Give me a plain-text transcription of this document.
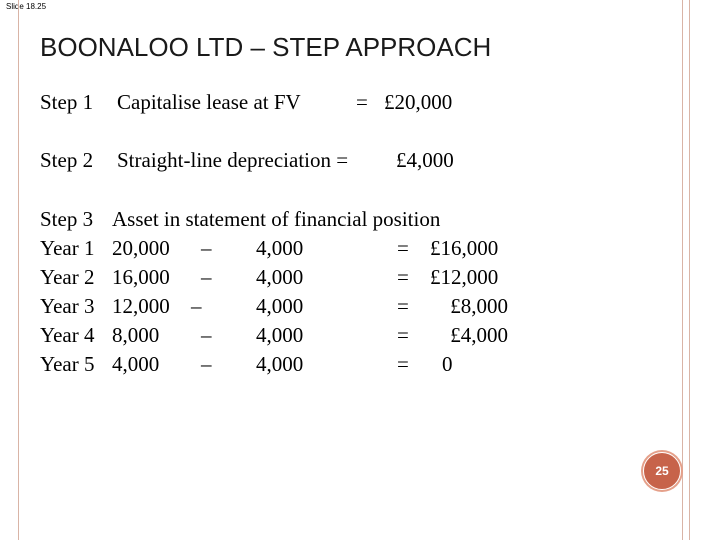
Slide 18.25
BOONALOO LTD – STEP APPROACH
Step 1 Capitalise lease at FV	= £20,000
Step 2 Straight-line depreciation = £4,000
Step 3 Asset in statement of financial position
Year 1 20,000 – 4,000	= £16,000
Year 2 16,000 – 4,000	= £12,000
Year 3 12,000 –	4,000	=	£8,000
Year 4 8,000 – 4,000	=	£4,000
Year 5 4,000 – 4,000	= 0
25
